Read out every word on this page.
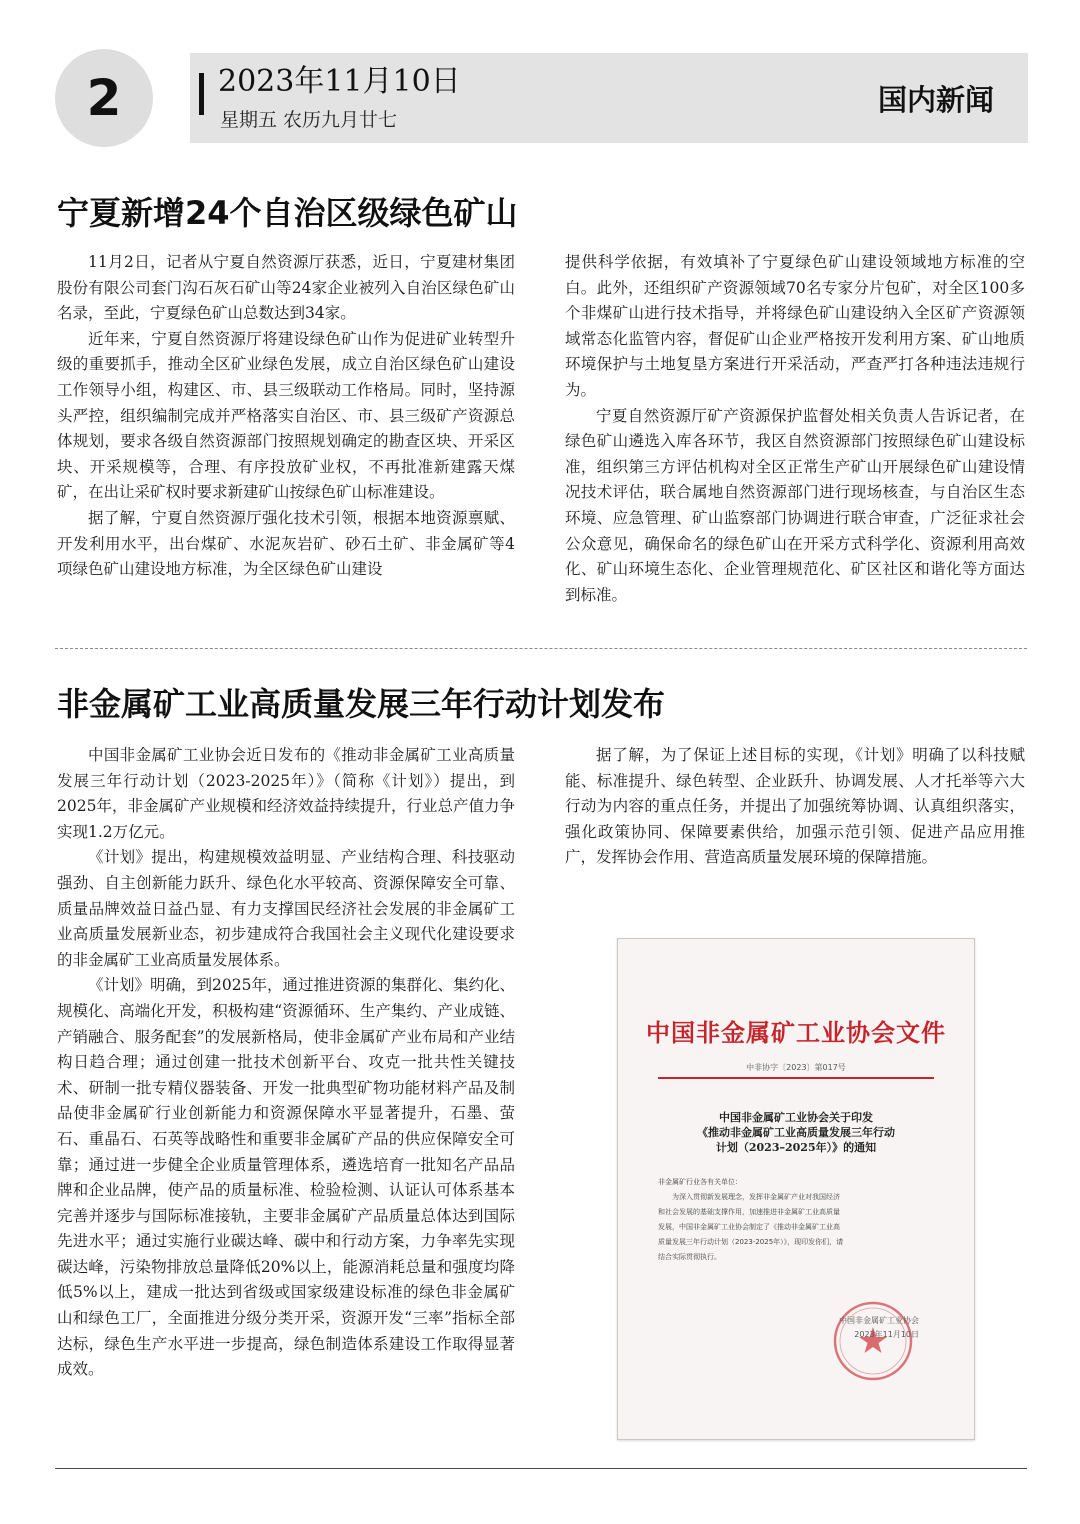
2	2023年11月10日
星期五 农历九月廿七
国内新闻
宁夏新增24个自治区级绿色矿山

11月2日，记者从宁夏自然资源厅获悉，近日，宁夏建材集团股份有限公司套门沟石灰石矿山等24家企业被列入自治区绿色矿山名录，至此，宁夏绿色矿山总数达到34家。

近年来，宁夏自然资源厅将建设绿色矿山作为促进矿业转型升级的重要抓手，推动全区矿业绿色发展，成立自治区绿色矿山建设工作领导小组，构建区、市、县三级联动工作格局。同时，坚持源头严控，组织编制完成并严格落实自治区、市、县三级矿产资源总体规划，要求各级自然资源部门按照规划确定的勘查区块、开采区块、开采规模等，合理、有序投放矿业权，不再批准新建露天煤矿，在出让采矿权时要求新建矿山按绿色矿山标准建设。

据了解，宁夏自然资源厅强化技术引领，根据本地资源禀赋、开发利用水平，出台煤矿、水泥灰岩矿、砂石土矿、非金属矿等4项绿色矿山建设地方标准，为全区绿色矿山建设

提供科学依据，有效填补了宁夏绿色矿山建设领域地方标准的空白。此外，还组织矿产资源领域70名专家分片包矿，对全区100多个非煤矿山进行技术指导，并将绿色矿山建设纳入全区矿产资源领域常态化监管内容，督促矿山企业严格按开发利用方案、矿山地质环境保护与土地复垦方案进行开采活动，严查严打各种违法违规行为。

宁夏自然资源厅矿产资源保护监督处相关负责人告诉记者，在绿色矿山遴选入库各环节，我区自然资源部门按照绿色矿山建设标准，组织第三方评估机构对全区正常生产矿山开展绿色矿山建设情况技术评估，联合属地自然资源部门进行现场核查，与自治区生态环境、应急管理、矿山监察部门协调进行联合审查，广泛征求社会公众意见，确保命名的绿色矿山在开采方式科学化、资源利用高效化、矿山环境生态化、企业管理规范化、矿区社区和谐化等方面达到标准。

非金属矿工业高质量发展三年行动计划发布

中国非金属矿工业协会近日发布的《推动非金属矿工业高质量发展三年行动计划（2023-2025年）》（简称《计划》）提出，到2025年，非金属矿产业规模和经济效益持续提升，行业总产值力争实现1.2万亿元。

《计划》提出，构建规模效益明显、产业结构合理、科技驱动强劲、自主创新能力跃升、绿色化水平较高、资源保障安全可靠、质量品牌效益日益凸显、有力支撑国民经济社会发展的非金属矿工业高质量发展新业态，初步建成符合我国社会主义现代化建设要求的非金属矿工业高质量发展体系。

《计划》明确，到2025年，通过推进资源的集群化、集约化、规模化、高端化开发，积极构建“资源循环、生产集约、产业成链、产销融合、服务配套”的发展新格局，使非金属矿产业布局和产业结构日趋合理；通过创建一批技术创新平台、攻克一批共性关键技术、研制一批专精仪器装备、开发一批典型矿物功能材料产品及制品使非金属矿行业创新能力和资源保障水平显著提升，石墨、萤石、重晶石、石英等战略性和重要非金属矿产品的供应保障安全可靠；通过进一步健全企业质量管理体系，遴选培育一批知名产品品牌和企业品牌，使产品的质量标准、检验检测、认证认可体系基本完善并逐步与国际标准接轨，主要非金属矿产品质量总体达到国际先进水平；通过实施行业碳达峰、碳中和行动方案，力争率先实现碳达峰，污染物排放总量降低20%以上，能源消耗总量和强度均降低5%以上，建成一批达到省级或国家级建设标准的绿色非金属矿山和绿色工厂，全面推进分级分类开采，资源开发“三率”指标全部达标，绿色生产水平进一步提高，绿色制造体系建设工作取得显著成效。

据了解，为了保证上述目标的实现，《计划》明确了以科技赋能、标准提升、绿色转型、企业跃升、协调发展、人才托举等六大行动为内容的重点任务，并提出了加强统筹协调、认真组织落实，强化政策协同、保障要素供给，加强示范引领、促进产品应用推广，发挥协会作用、营造高质量发展环境的保障措施。

中国非金属矿工业协会文件
中非协字〔2023〕第017号
中国非金属矿工业协会关于印发
《推动非金属矿工业高质量发展三年行动
计划（2023–2025年）》的通知
非金属矿行业各有关单位：
　　为深入贯彻新发展理念，发挥非金属矿产业对我国经济
和社会发展的基础支撑作用，加速推进非金属矿工业高质量
发展，中国非金属矿工业协会制定了《推动非金属矿工业高
质量发展三年行动计划（2023-2025年）》，现印发你们，请
结合实际贯彻执行。
中国非金属矿工业协会
2023年11月10日
